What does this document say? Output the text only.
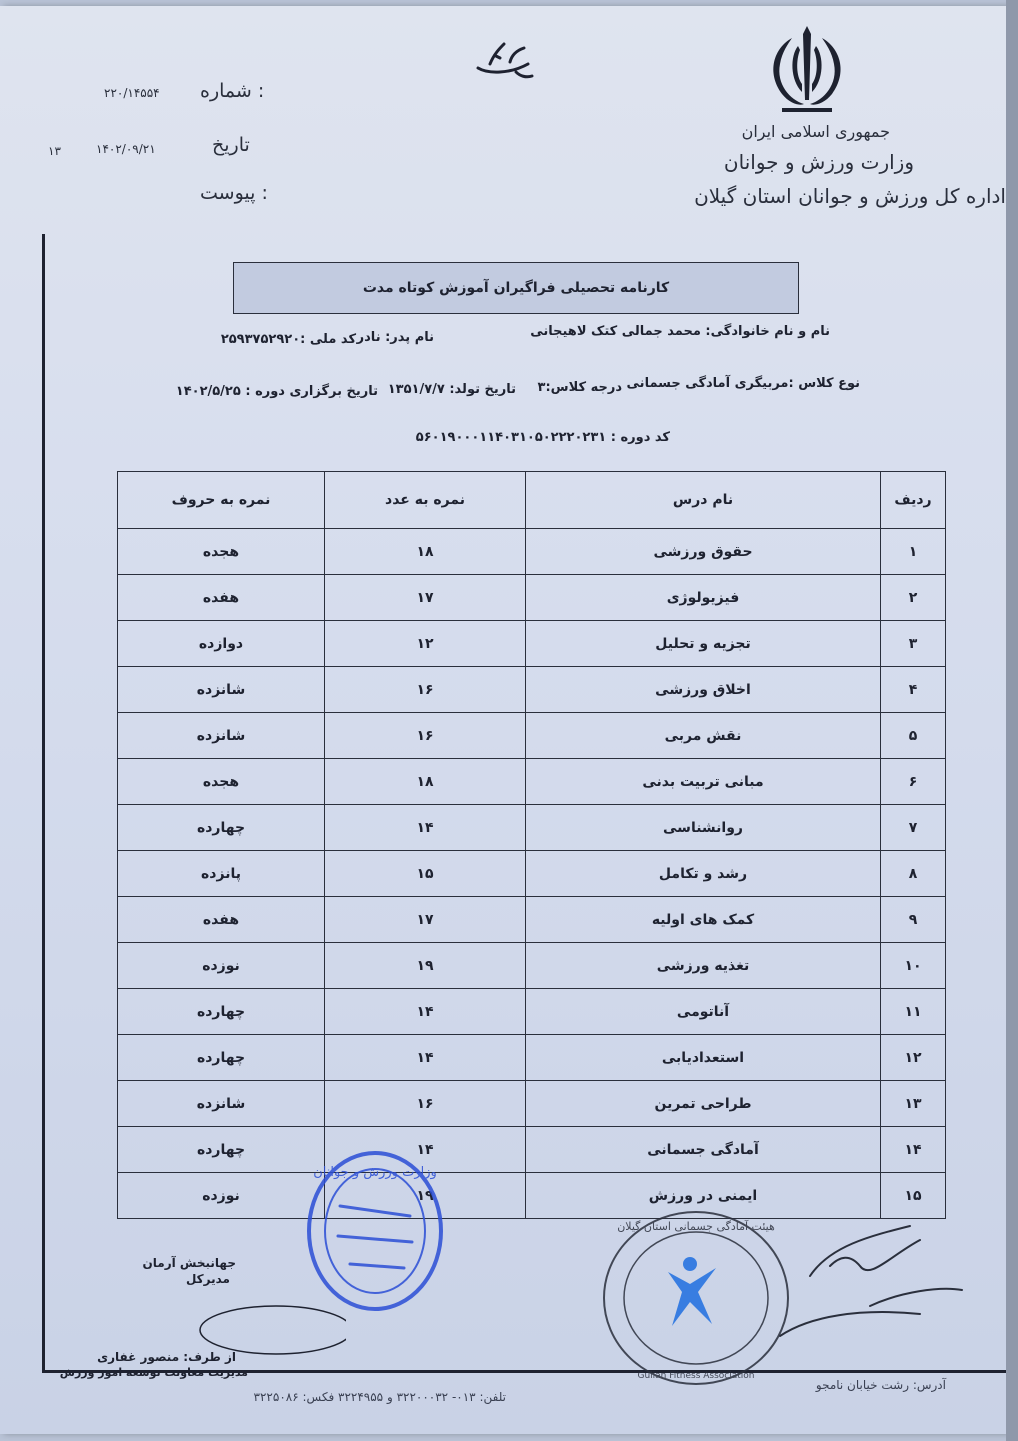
جمهوری اسلامی ایران
وزارت ورزش و جوانان
اداره کل ورزش و جوانان استان گیلان
شماره :
۲۲۰/۱۴۵۵۴
تاریخ
۱۴۰۲/۰۹/۲۱
۱۳
پیوست :
کارنامه تحصیلی فراگیران آموزش کوتاه مدت
نام و نام خانوادگی: محمد جمالی کتک لاهیجانی
نام پدر: نادر
کد ملی :۲۵۹۳۷۵۲۹۲۰
نوع کلاس :مربیگری آمادگی جسمانی
درجه کلاس:۳
تاریخ تولد: ۱۳۵۱/۷/۷
تاریخ برگزاری دوره : ۱۴۰۲/۵/۲۵
کد دوره : ۵۶۰۱۹۰۰۰۱۱۴۰۳۱۰۵۰۲۲۲۰۲۳۱
ردیف	نام درس	نمره به عدد	نمره به حروف
۱	حقوق ورزشی	۱۸	هجده
۲	فیزیولوژی	۱۷	هفده
۳	تجزیه و تحلیل	۱۲	دوازده
۴	اخلاق ورزشی	۱۶	شانزده
۵	نقش مربی	۱۶	شانزده
۶	مبانی تربیت بدنی	۱۸	هجده
۷	روانشناسی	۱۴	چهارده
۸	رشد و تکامل	۱۵	پانزده
۹	کمک های اولیه	۱۷	هفده
۱۰	تغذیه ورزشی	۱۹	نوزده
۱۱	آناتومی	۱۴	چهارده
۱۲	استعدادیابی	۱۴	چهارده
۱۳	طراحی تمرین	۱۶	شانزده
۱۴	آمادگی جسمانی	۱۴	چهارده
۱۵	ایمنی در ورزش	۱۹	نوزده
وزارت ورزش و جوانان
هیئت آمادگی جسمانی استان گیلان
Guilan Fitness Association
جهانبخش آرمان
مدیرکل
از طرف: منصور غفاری
مدیریت معاونت توسعه امور ورزش
تلفن: ۰۱۳- ۳۲۲۰۰۰۳۲ و ۳۲۲۴۹۵۵ فکس: ۳۲۲۵۰۸۶
آدرس: رشت خیابان نامجو
